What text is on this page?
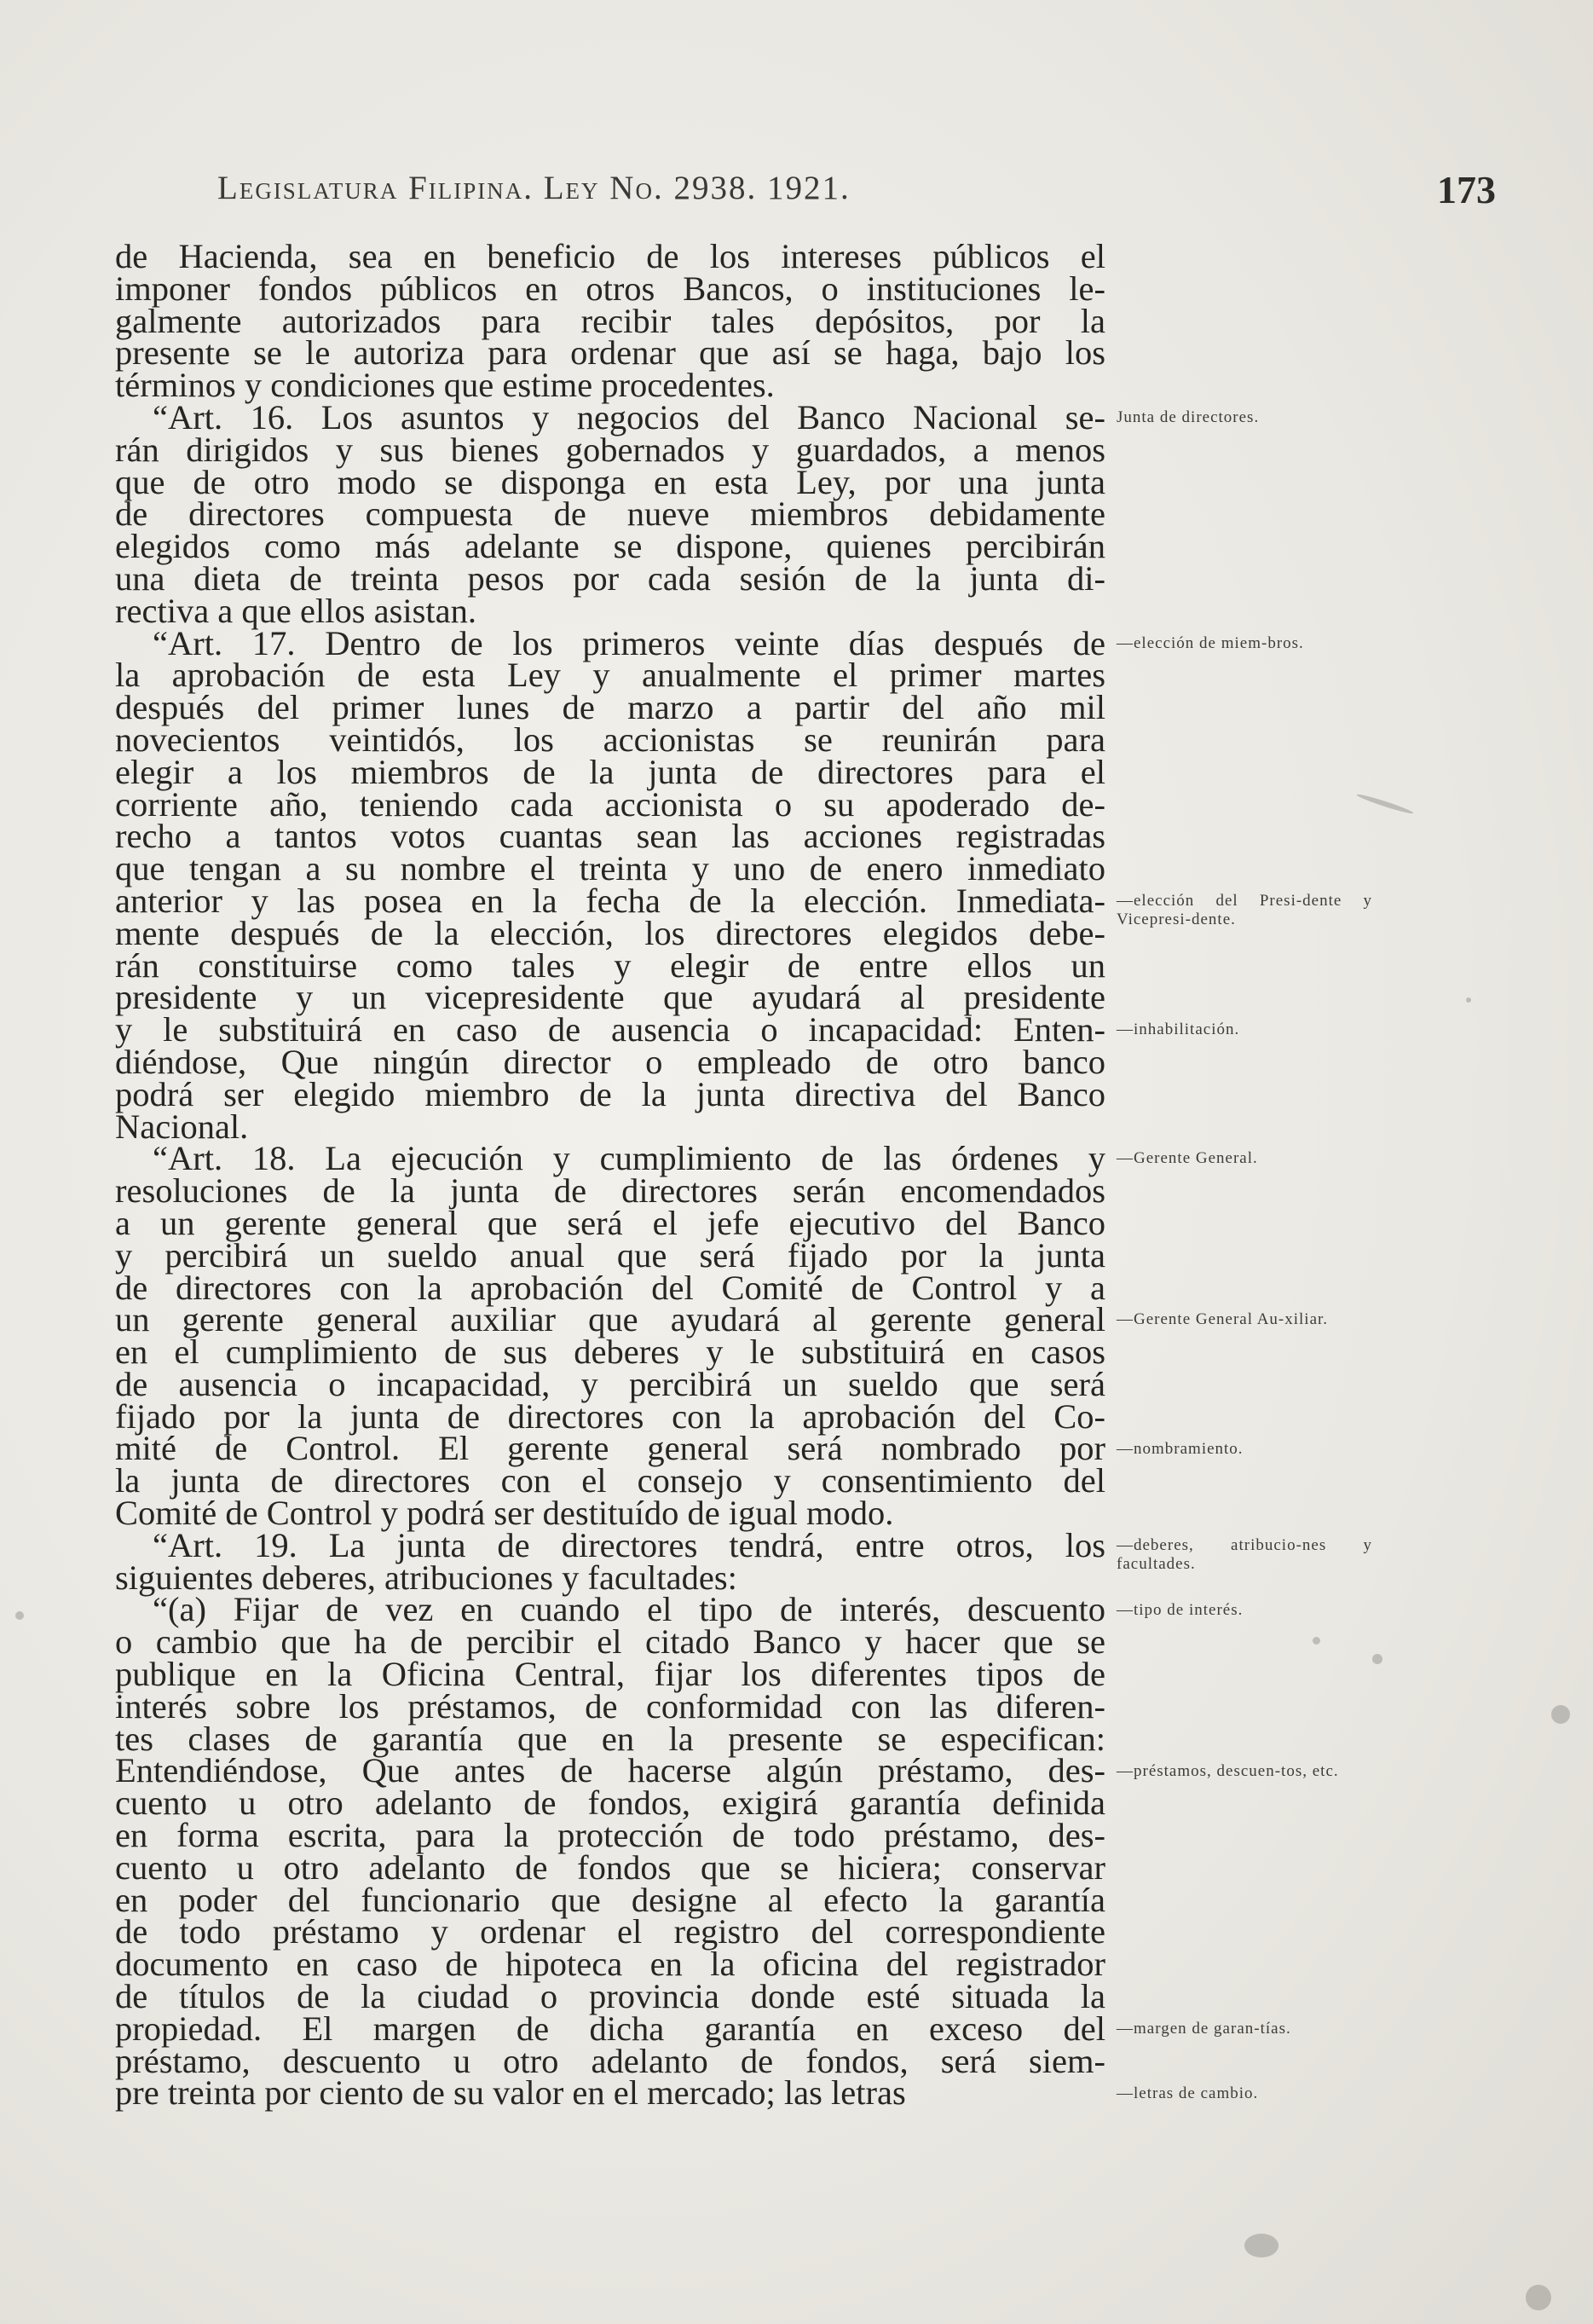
Legislatura Filipina. Ley No. 2938. 1921.	173
de Hacienda, sea en beneficio de los intereses públicos el
imponer fondos públicos en otros Bancos, o instituciones le-
galmente autorizados para recibir tales depósitos, por la
presente se le autoriza para ordenar que así se haga, bajo los
términos y condiciones que estime procedentes.
“Art. 16. Los asuntos y negocios del Banco Nacional se-
rán dirigidos y sus bienes gobernados y guardados, a menos
que de otro modo se disponga en esta Ley, por una junta
de directores compuesta de nueve miembros debidamente
elegidos como más adelante se dispone, quienes percibirán
una dieta de treinta pesos por cada sesión de la junta di-
rectiva a que ellos asistan.
“Art. 17. Dentro de los primeros veinte días después de
la aprobación de esta Ley y anualmente el primer martes
después del primer lunes de marzo a partir del año mil
novecientos veintidós, los accionistas se reunirán para
elegir a los miembros de la junta de directores para el
corriente año, teniendo cada accionista o su apoderado de-
recho a tantos votos cuantas sean las acciones registradas
que tengan a su nombre el treinta y uno de enero inmediato
anterior y las posea en la fecha de la elección. Inmediata-
mente después de la elección, los directores elegidos debe-
rán constituirse como tales y elegir de entre ellos un
presidente y un vicepresidente que ayudará al presidente
y le substituirá en caso de ausencia o incapacidad: Enten-
diéndose, Que ningún director o empleado de otro banco
podrá ser elegido miembro de la junta directiva del Banco
Nacional.
“Art. 18. La ejecución y cumplimiento de las órdenes y
resoluciones de la junta de directores serán encomendados
a un gerente general que será el jefe ejecutivo del Banco
y percibirá un sueldo anual que será fijado por la junta
de directores con la aprobación del Comité de Control y a
un gerente general auxiliar que ayudará al gerente general
en el cumplimiento de sus deberes y le substituirá en casos
de ausencia o incapacidad, y percibirá un sueldo que será
fijado por la junta de directores con la aprobación del Co-
mité de Control. El gerente general será nombrado por
la junta de directores con el consejo y consentimiento del
Comité de Control y podrá ser destituído de igual modo.
“Art. 19. La junta de directores tendrá, entre otros, los
siguientes deberes, atribuciones y facultades:
“(a) Fijar de vez en cuando el tipo de interés, descuento
o cambio que ha de percibir el citado Banco y hacer que se
publique en la Oficina Central, fijar los diferentes tipos de
interés sobre los préstamos, de conformidad con las diferen-
tes clases de garantía que en la presente se especifican:
Entendiéndose, Que antes de hacerse algún préstamo, des-
cuento u otro adelanto de fondos, exigirá garantía definida
en forma escrita, para la protección de todo préstamo, des-
cuento u otro adelanto de fondos que se hiciera; conservar
en poder del funcionario que designe al efecto la garantía
de todo préstamo y ordenar el registro del correspondiente
documento en caso de hipoteca en la oficina del registrador
de títulos de la ciudad o provincia donde esté situada la
propiedad. El margen de dicha garantía en exceso del
préstamo, descuento u otro adelanto de fondos, será siem-
pre treinta por ciento de su valor en el mercado; las letras
Junta de directores.
—elección de miem-bros.
—elección del Presi-dente y Vicepresi-dente.
—inhabilitación.
—Gerente General.
—Gerente General Au-xiliar.
—nombramiento.
—deberes, atribucio-nes y facultades.
—tipo de interés.
—préstamos, descuen-tos, etc.
—margen de garan-tías.
—letras de cambio.
